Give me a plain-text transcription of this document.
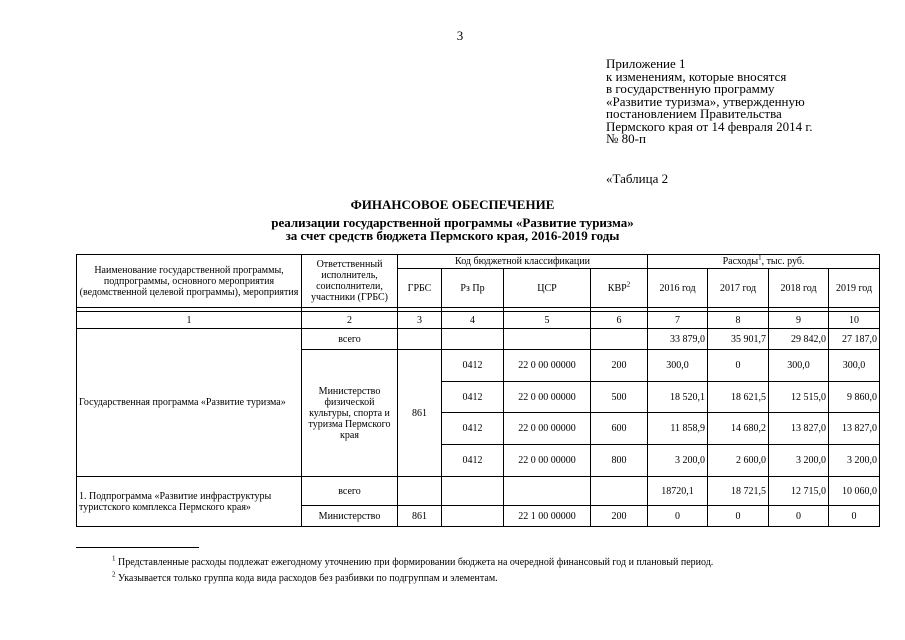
3
Приложение 1
к изменениям, которые вносятся
в государственную программу
«Развитие туризма», утвержденную
постановлением Правительства
Пермского края от 14 февраля 2014 г.
№ 80-п
«Таблица 2
ФИНАНСОВОЕ ОБЕСПЕЧЕНИЕ
реализации государственной программы «Развитие туризма»
за счет средств бюджета Пермского края, 2016-2019 годы
Наименование государственной программы, подпрограммы, основного мероприятия (ведомственной целевой программы), мероприятия	Ответственный исполнитель, соисполнители, участники (ГРБС)	Код бюджетной классификации				Расходы$^1$, тыс. руб.			
		ГРБС	Рз Пр	ЦСР	КВР$^2$	2016 год	2017 год	2018 год	2019 год

1	2	3	4	5	6	7	8	9	10
Государственная программа «Развитие туризма»	всего					33 879,0	35 901,7	29 842,0	27 187,0
	Министерство физической культуры, спорта и туризма Пермского края	861	0412	22 0 00 00000	200	300,0	0	300,0	300,0
			0412	22 0 00 00000	500	18 520,1	18 621,5	12 515,0	9 860,0
			0412	22 0 00 00000	600	11 858,9	14 680,2	13 827,0	13 827,0
			0412	22 0 00 00000	800	3 200,0	2 600,0	3 200,0	3 200,0
1. Подпрограмма «Развитие инфраструктуры туристского комплекса Пермского края»	всего					18720,1	18 721,5	12 715,0	10 060,0
	Министерство	861		22 1 00 00000	200	0	0	0	0
$^1$ Представленные расходы подлежат ежегодному уточнению при формировании бюджета на очередной финансовый год и плановый период.
$^2$ Указывается только группа кода вида расходов без разбивки по подгруппам и элементам.
